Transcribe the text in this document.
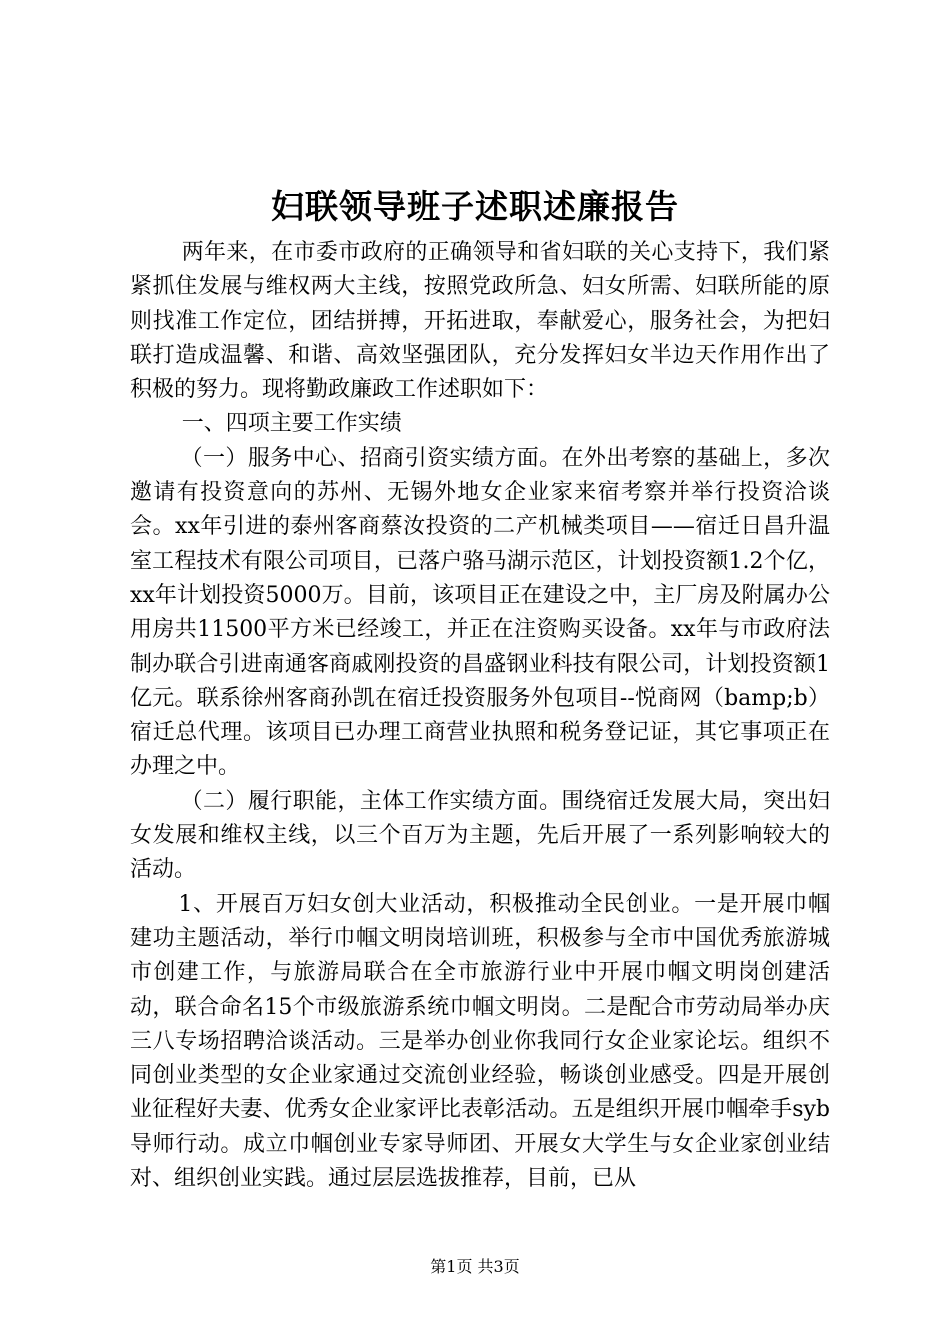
妇联领导班子述职述廉报告

两年来，在市委市政府的正确领导和省妇联的关心支持下，我们紧紧抓住发展与维权两大主线，按照党政所急、妇女所需、妇联所能的原则找准工作定位，团结拼搏，开拓进取，奉献爱心，服务社会，为把妇联打造成温馨、和谐、高效坚强团队，充分发挥妇女半边天作用作出了积极的努力。现将勤政廉政工作述职如下：

一、四项主要工作实绩

（一）服务中心、招商引资实绩方面。在外出考察的基础上，多次邀请有投资意向的苏州、无锡外地女企业家来宿考察并举行投资洽谈会。xx年引进的泰州客商蔡汝投资的二产机械类项目——宿迁日昌升温室工程技术有限公司项目，已落户骆马湖示范区，计划投资额1.2个亿，xx年计划投资5000万。目前，该项目正在建设之中，主厂房及附属办公用房共11500平方米已经竣工，并正在注资购买设备。xx年与市政府法制办联合引进南通客商戚刚投资的昌盛钢业科技有限公司，计划投资额1亿元。联系徐州客商孙凯在宿迁投资服务外包项目--悦商网（bamp;b）宿迁总代理。该项目已办理工商营业执照和税务登记证，其它事项正在办理之中。

（二）履行职能，主体工作实绩方面。围绕宿迁发展大局，突出妇女发展和维权主线，以三个百万为主题，先后开展了一系列影响较大的活动。

1、开展百万妇女创大业活动，积极推动全民创业。一是开展巾帼建功主题活动，举行巾帼文明岗培训班，积极参与全市中国优秀旅游城市创建工作，与旅游局联合在全市旅游行业中开展巾帼文明岗创建活动，联合命名15个市级旅游系统巾帼文明岗。二是配合市劳动局举办庆三八专场招聘洽谈活动。三是举办创业你我同行女企业家论坛。组织不同创业类型的女企业家通过交流创业经验，畅谈创业感受。四是开展创业征程好夫妻、优秀女企业家评比表彰活动。五是组织开展巾帼牵手syb导师行动。成立巾帼创业专家导师团、开展女大学生与女企业家创业结对、组织创业实践。通过层层选拔推荐，目前，已从

第1页 共3页
